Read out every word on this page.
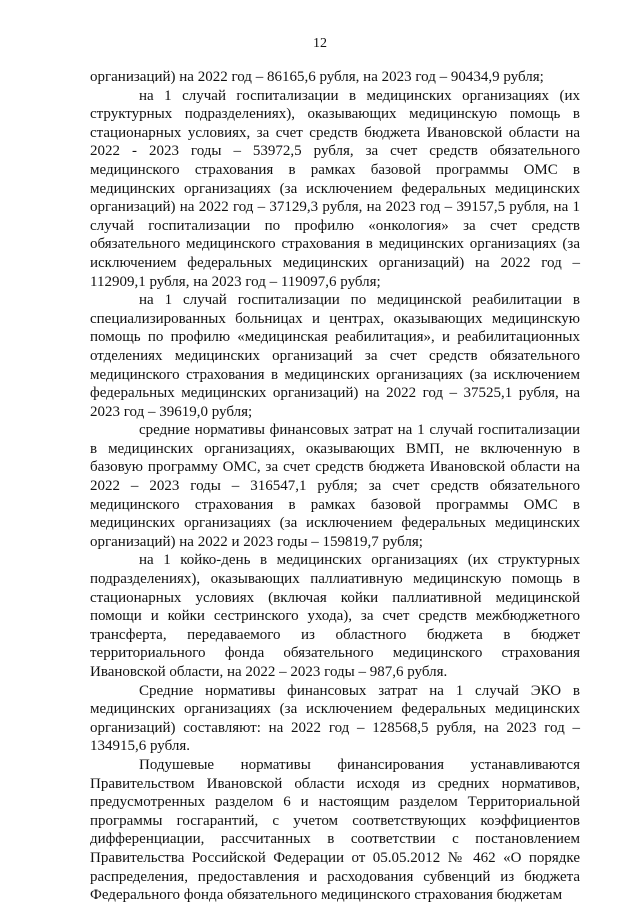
12

организаций) на 2022 год – 86165,6 рубля, на 2023 год – 90434,9 рубля;

на 1 случай госпитализации в медицинских организациях (их структурных подразделениях), оказывающих медицинскую помощь в стационарных условиях, за счет средств бюджета Ивановской области на 2022 - 2023 годы – 53972,5 рубля, за счет средств обязательного медицинского страхования в рамках базовой программы ОМС в медицинских организациях (за исключением федеральных медицинских организаций) на 2022 год – 37129,3 рубля, на 2023 год – 39157,5 рубля, на 1 случай госпитализации по профилю «онкология» за счет средств обязательного медицинского страхования в медицинских организациях (за исключением федеральных медицинских организаций) на 2022 год – 112909,1 рубля, на 2023 год – 119097,6 рубля;

на 1 случай госпитализации по медицинской реабилитации в специализированных больницах и центрах, оказывающих медицинскую помощь по профилю «медицинская реабилитация», и реабилитационных отделениях медицинских организаций за счет средств обязательного медицинского страхования в медицинских организациях (за исключением федеральных медицинских организаций) на 2022 год – 37525,1 рубля, на 2023 год – 39619,0 рубля;

средние нормативы финансовых затрат на 1 случай госпитализации в медицинских организациях, оказывающих ВМП, не включенную в базовую программу ОМС, за счет средств бюджета Ивановской области на 2022 – 2023 годы – 316547,1 рубля; за счет средств обязательного медицинского страхования в рамках базовой программы ОМС в медицинских организациях (за исключением федеральных медицинских организаций) на 2022 и 2023 годы – 159819,7 рубля;

на 1 койко-день в медицинских организациях (их структурных подразделениях), оказывающих паллиативную медицинскую помощь в стационарных условиях (включая койки паллиативной медицинской помощи и койки сестринского ухода), за счет средств межбюджетного трансферта, передаваемого из областного бюджета в бюджет территориального фонда обязательного медицинского страхования Ивановской области, на 2022 – 2023 годы – 987,6 рубля.

Средние нормативы финансовых затрат на 1 случай ЭКО в медицинских организациях (за исключением федеральных медицинских организаций) составляют: на 2022 год – 128568,5 рубля, на 2023 год – 134915,6 рубля.

Подушевые нормативы финансирования устанавливаются Правительством Ивановской области исходя из средних нормативов, предусмотренных разделом 6 и настоящим разделом Территориальной программы госгарантий, с учетом соответствующих коэффициентов дифференциации, рассчитанных в соответствии с постановлением Правительства Российской Федерации от 05.05.2012 № 462 «О порядке распределения, предоставления и расходования субвенций из бюджета Федерального фонда обязательного медицинского страхования бюджетам
